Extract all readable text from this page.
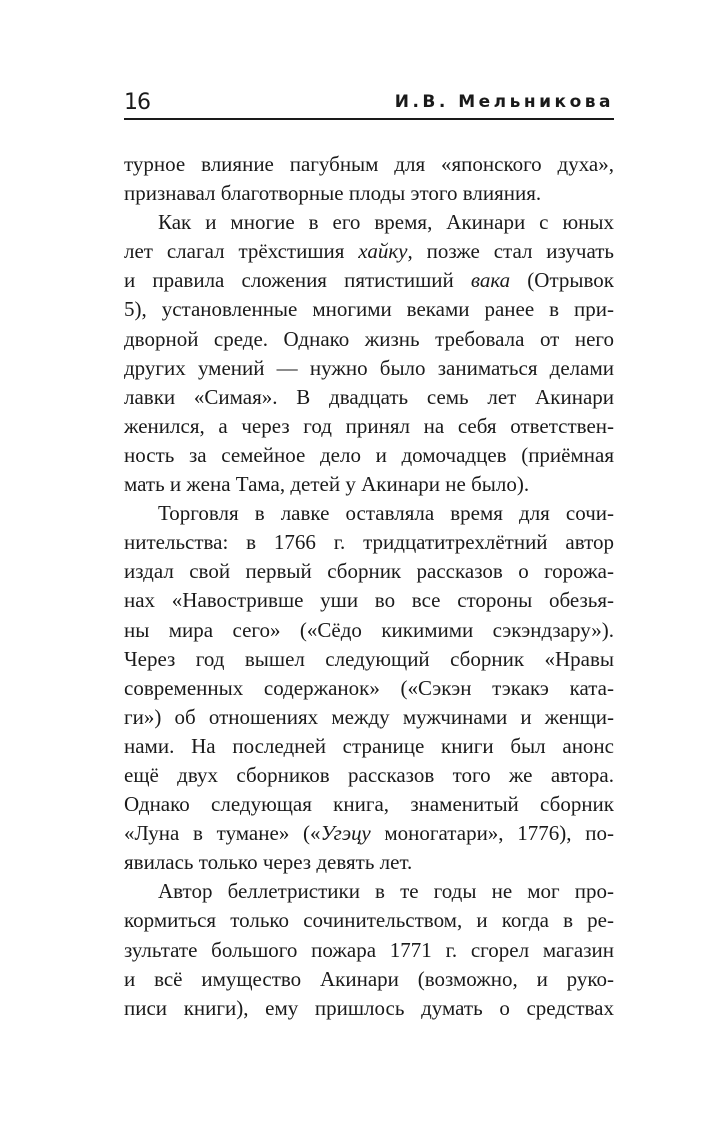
16	И.В. Мельникова
турное влияние пагубным для «японского духа»,
признавал благотворные плоды этого влияния.
Как и многие в его время, Акинари с юных
лет слагал трёхстишия хайку, позже стал изучать
и правила сложения пятистиший вака (Отрывок
5), установленные многими веками ранее в при-
дворной среде. Однако жизнь требовала от него
других умений — нужно было заниматься делами
лавки «Симая». В двадцать семь лет Акинари
женился, а через год принял на себя ответствен-
ность за семейное дело и домочадцев (приёмная
мать и жена Тама, детей у Акинари не было).
Торговля в лавке оставляла время для сочи-
нительства: в 1766 г. тридцатитрехлётний автор
издал свой первый сборник рассказов о горожа-
нах «Навостривше уши во все стороны обезья-
ны мира сего» («Сёдо кикимими сэкэндзару»).
Через год вышел следующий сборник «Нравы
современных содержанок» («Сэкэн тэкакэ ката-
ги») об отношениях между мужчинами и женщи-
нами. На последней странице книги был анонс
ещё двух сборников рассказов того же автора.
Однако следующая книга, знаменитый сборник
«Луна в тумане» («Угэцу моногатари», 1776), по-
явилась только через девять лет.
Автор беллетристики в те годы не мог про-
кормиться только сочинительством, и когда в ре-
зультате большого пожара 1771 г. сгорел магазин
и всё имущество Акинари (возможно, и руко-
писи книги), ему пришлось думать о средствах
